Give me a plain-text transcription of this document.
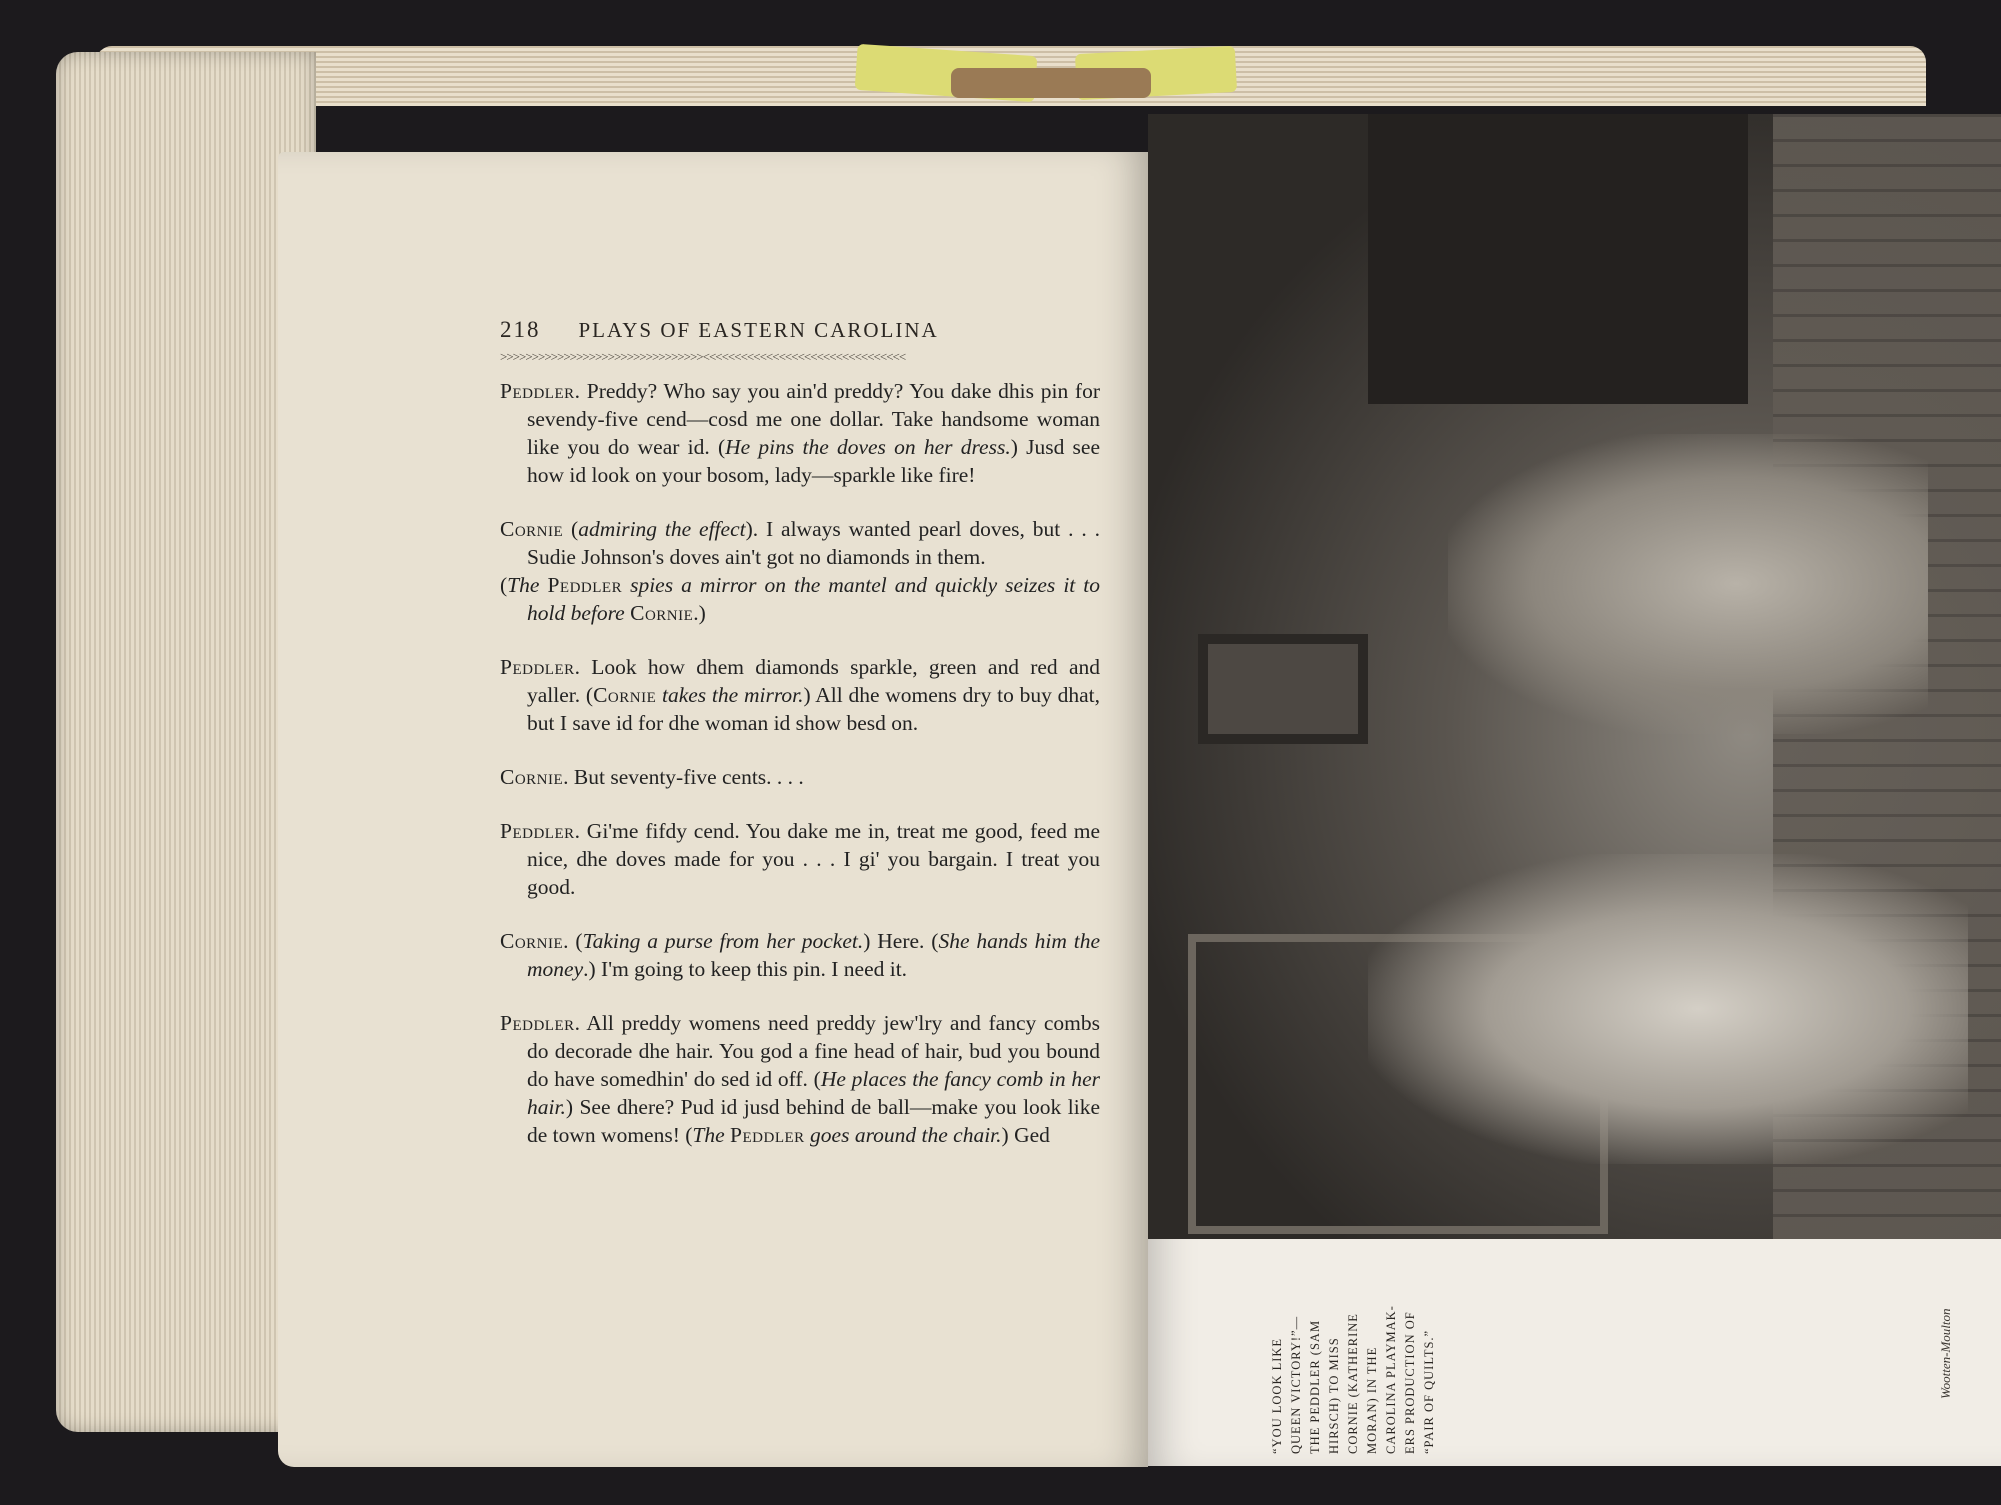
218 PLAYS OF EASTERN CAROLINA
>>>>>>>>>>>>>>>>>>>>>>>>>>>>>>>><<<<<<<<<<<<<<<<<<<<<<<<<<<<<<<<

Peddler. Preddy? Who say you ain'd preddy? You dake dhis pin for sevendy-five cend—cosd me one dollar. Take handsome woman like you do wear id. (He pins the doves on her dress.) Jusd see how id look on your bosom, lady—sparkle like fire!

Cornie (admiring the effect). I always wanted pearl doves, but . . . Sudie Johnson's doves ain't got no diamonds in them.

(The Peddler spies a mirror on the mantel and quickly seizes it to hold before Cornie.)

Peddler. Look how dhem diamonds sparkle, green and red and yaller. (Cornie takes the mirror.) All dhe womens dry to buy dhat, but I save id for dhe woman id show besd on.

Cornie. But seventy-five cents. . . .

Peddler. Gi'me fifdy cend. You dake me in, treat me good, feed me nice, dhe doves made for you . . . I gi' you bargain. I treat you good.

Cornie. (Taking a purse from her pocket.) Here. (She hands him the money.) I'm going to keep this pin. I need it.

Peddler. All preddy womens need preddy jew'lry and fancy combs do decorade dhe hair. You god a fine head of hair, bud you bound do have somedhin' do sed id off. (He places the fancy comb in her hair.) See dhere? Pud id jusd behind de ball—make you look like de town womens! (The Peddler goes around the chair.) Ged

“YOU LOOK LIKE QUEEN VICTORY!”— THE PEDDLER (SAM HIRSCH) TO MISS CORNIE (KATHERINE MORAN) IN THE CAROLINA PLAYMAK- ERS PRODUCTION OF “PAIR OF QUILTS.”	Wootten-Moulton
